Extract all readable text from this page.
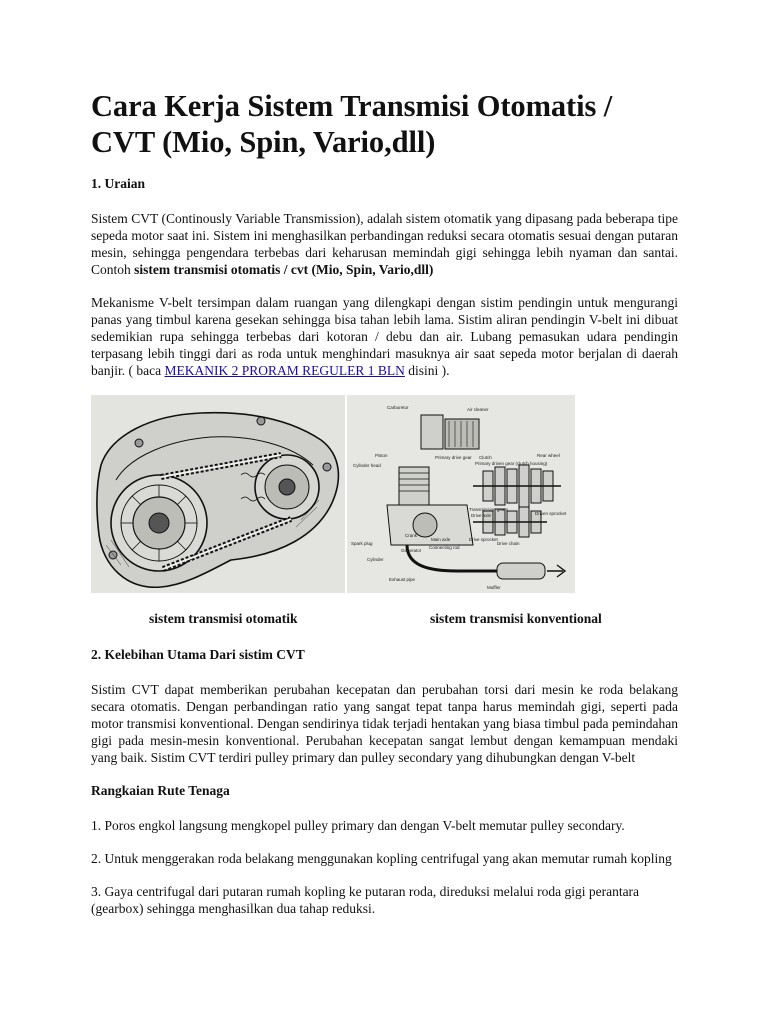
Cara Kerja Sistem Transmisi Otomatis / CVT (Mio, Spin, Vario,dll)
1. Uraian

Sistem CVT (Continously Variable Transmission), adalah sistem otomatik yang dipasang pada beberapa tipe sepeda motor saat ini. Sistem ini menghasilkan perbandingan reduksi secara otomatis sesuai dengan putaran mesin, sehingga pengendara terbebas dari keharusan memindah gigi sehingga lebih nyaman dan santai. Contoh sistem transmisi otomatis / cvt (Mio, Spin, Vario,dll)

Mekanisme V-belt tersimpan dalam ruangan yang dilengkapi dengan sistim pendingin untuk mengurangi panas yang timbul karena gesekan sehingga bisa tahan lebih lama. Sistim aliran pendingin V-belt ini dibuat sedemikian rupa sehingga terbebas dari kotoran / debu dan air. Lubang pemasukan udara pendingin terpasang lebih tinggi dari as roda untuk menghindari masuknya air saat sepeda motor berjalan di daerah banjir. ( baca MEKANIK 2 PRORAM REGULER 1 BLN disini ).

Carburetor	Air cleaner
Piston
Cylinder head
Primary drive gear Clutch
Primary driven gear (clutch housing)
Rear wheel
Driven sprocket
Transmission gears
Drive axle
Crank
Main axle	Drive sprocket
Spark plug
Generator
Connecting rod
Drive chain
Cylinder
Exhaust pipe
Muffler
sistem transmisi otomatik	sistem transmisi konventional
2. Kelebihan Utama Dari sistim CVT

Sistim CVT dapat memberikan perubahan kecepatan dan perubahan torsi dari mesin ke roda belakang secara otomatis. Dengan perbandingan ratio yang sangat tepat tanpa harus memindah gigi, seperti pada motor transmisi konventional. Dengan sendirinya tidak terjadi hentakan yang biasa timbul pada pemindahan gigi pada mesin-mesin konventional. Perubahan kecepatan sangat lembut dengan kemampuan mendaki yang baik. Sistim CVT terdiri pulley primary dan pulley secondary yang dihubungkan dengan V-belt

Rangkaian Rute Tenaga

1. Poros engkol langsung mengkopel pulley primary dan dengan V-belt memutar pulley secondary.

2. Untuk menggerakan roda belakang menggunakan kopling centrifugal yang akan memutar rumah kopling

3. Gaya centrifugal dari putaran rumah kopling ke putaran roda, direduksi melalui roda gigi perantara (gearbox) sehingga menghasilkan dua tahap reduksi.
